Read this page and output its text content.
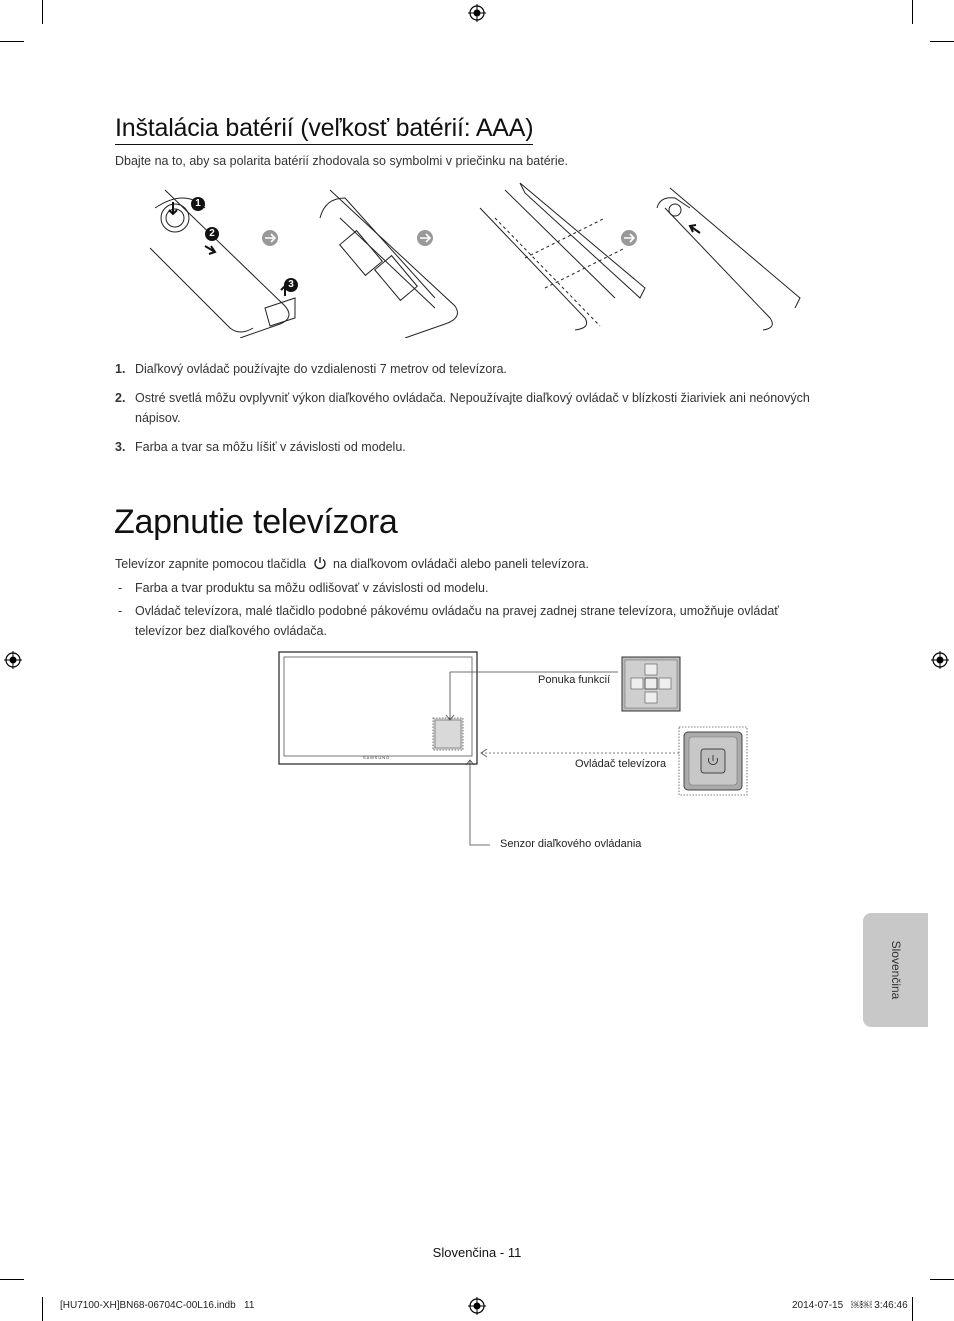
Inštalácia batérií (veľkosť batérií: AAA)
Dbajte na to, aby sa polarita batérií zhodovala so symbolmi v priečinku na batérie.
1
2
3
1. Diaľkový ovládač používajte do vzdialenosti 7 metrov od televízora.
2. Ostré svetlá môžu ovplyvniť výkon diaľkového ovládača. Nepoužívajte diaľkový ovládač v blízkosti žiariviek ani neónových
nápisov.
3. Farba a tvar sa môžu líšiť v závislosti od modelu.
Zapnutie televízora
Televízor zapnite pomocou tlačidla na diaľkovom ovládači alebo paneli televízora.
- Farba a tvar produktu sa môžu odlišovať v závislosti od modelu.
- Ovládač televízora, malé tlačidlo podobné pákovému ovládaču na pravej zadnej strane televízora, umožňuje ovládať
televízor bez diaľkového ovládača.
SAMSUNG
Ponuka funkcií
Ovládač televízora
Senzor diaľkového ovládania
Slovenčina
Slovenčina - 11
[HU7100-XH]BN68-06704C-00L16.indb   11	2014-07-15   ￼￼ 3:46:46
